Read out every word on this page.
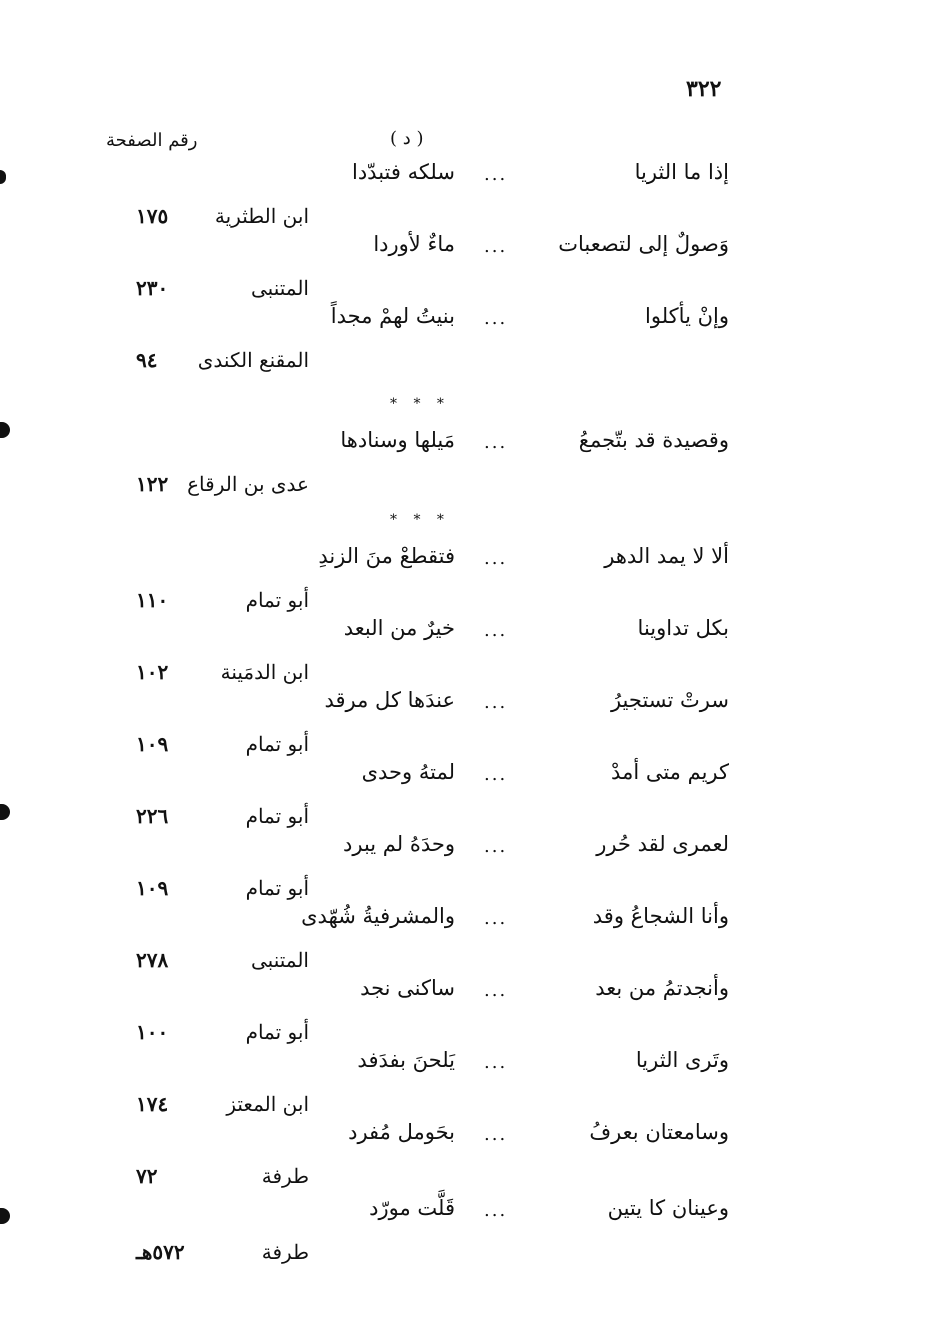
٣٢٢
رقم الصفحة	( د )
إذا ما الثريا
...
سلكه فتبدّدا
ابن الطثرية
١٧٥
وَصولٌ إلى لتصعبات
...
ماءٌ لأوردا
المتنبى
٢٣٠
وإنْ يأكلوا
...
بنيتُ لهمْ مجداً
المقنع الكندى
٩٤
* * *
وقصيدة قد بتّجمعُ
...
مَيلها وسنادها
عدى بن الرقاع
١٢٢
* * *
ألا لا يمد الدهر
...
فتقطعْ منَ الزندِ
أبو تمام
١١٠
بكل تداوينا
...
خيرٌ من البعد
ابن الدمَينة
١٠٢
سرتْ تستجيرُ
...
عندَها كل مرقد
أبو تمام
١٠٩
كريم متى أمدْ
...
لمتهُ وحدى
أبو تمام
٢٢٦
لعمرى لقد حُرر
...
وحدَهُ لم يبرد
أبو تمام
١٠٩
وأنا الشجاعُ وقد
...
والمشرفيةُ شُهّدى
المتنبى
٢٧٨
وأنجدتمُ من بعد
...
ساكنى نجد
أبو تمام
١٠٠
وتَرى الثريا
...
يَلحنَ بفدَفد
ابن المعتز
١٧٤
وسامعتان بعرفُ
...
بحَومل مُفرد
طرفة
٧٢
وعينان كا يتين
...
قَلَّت مورّد
طرفة
٥٧٢هـ
